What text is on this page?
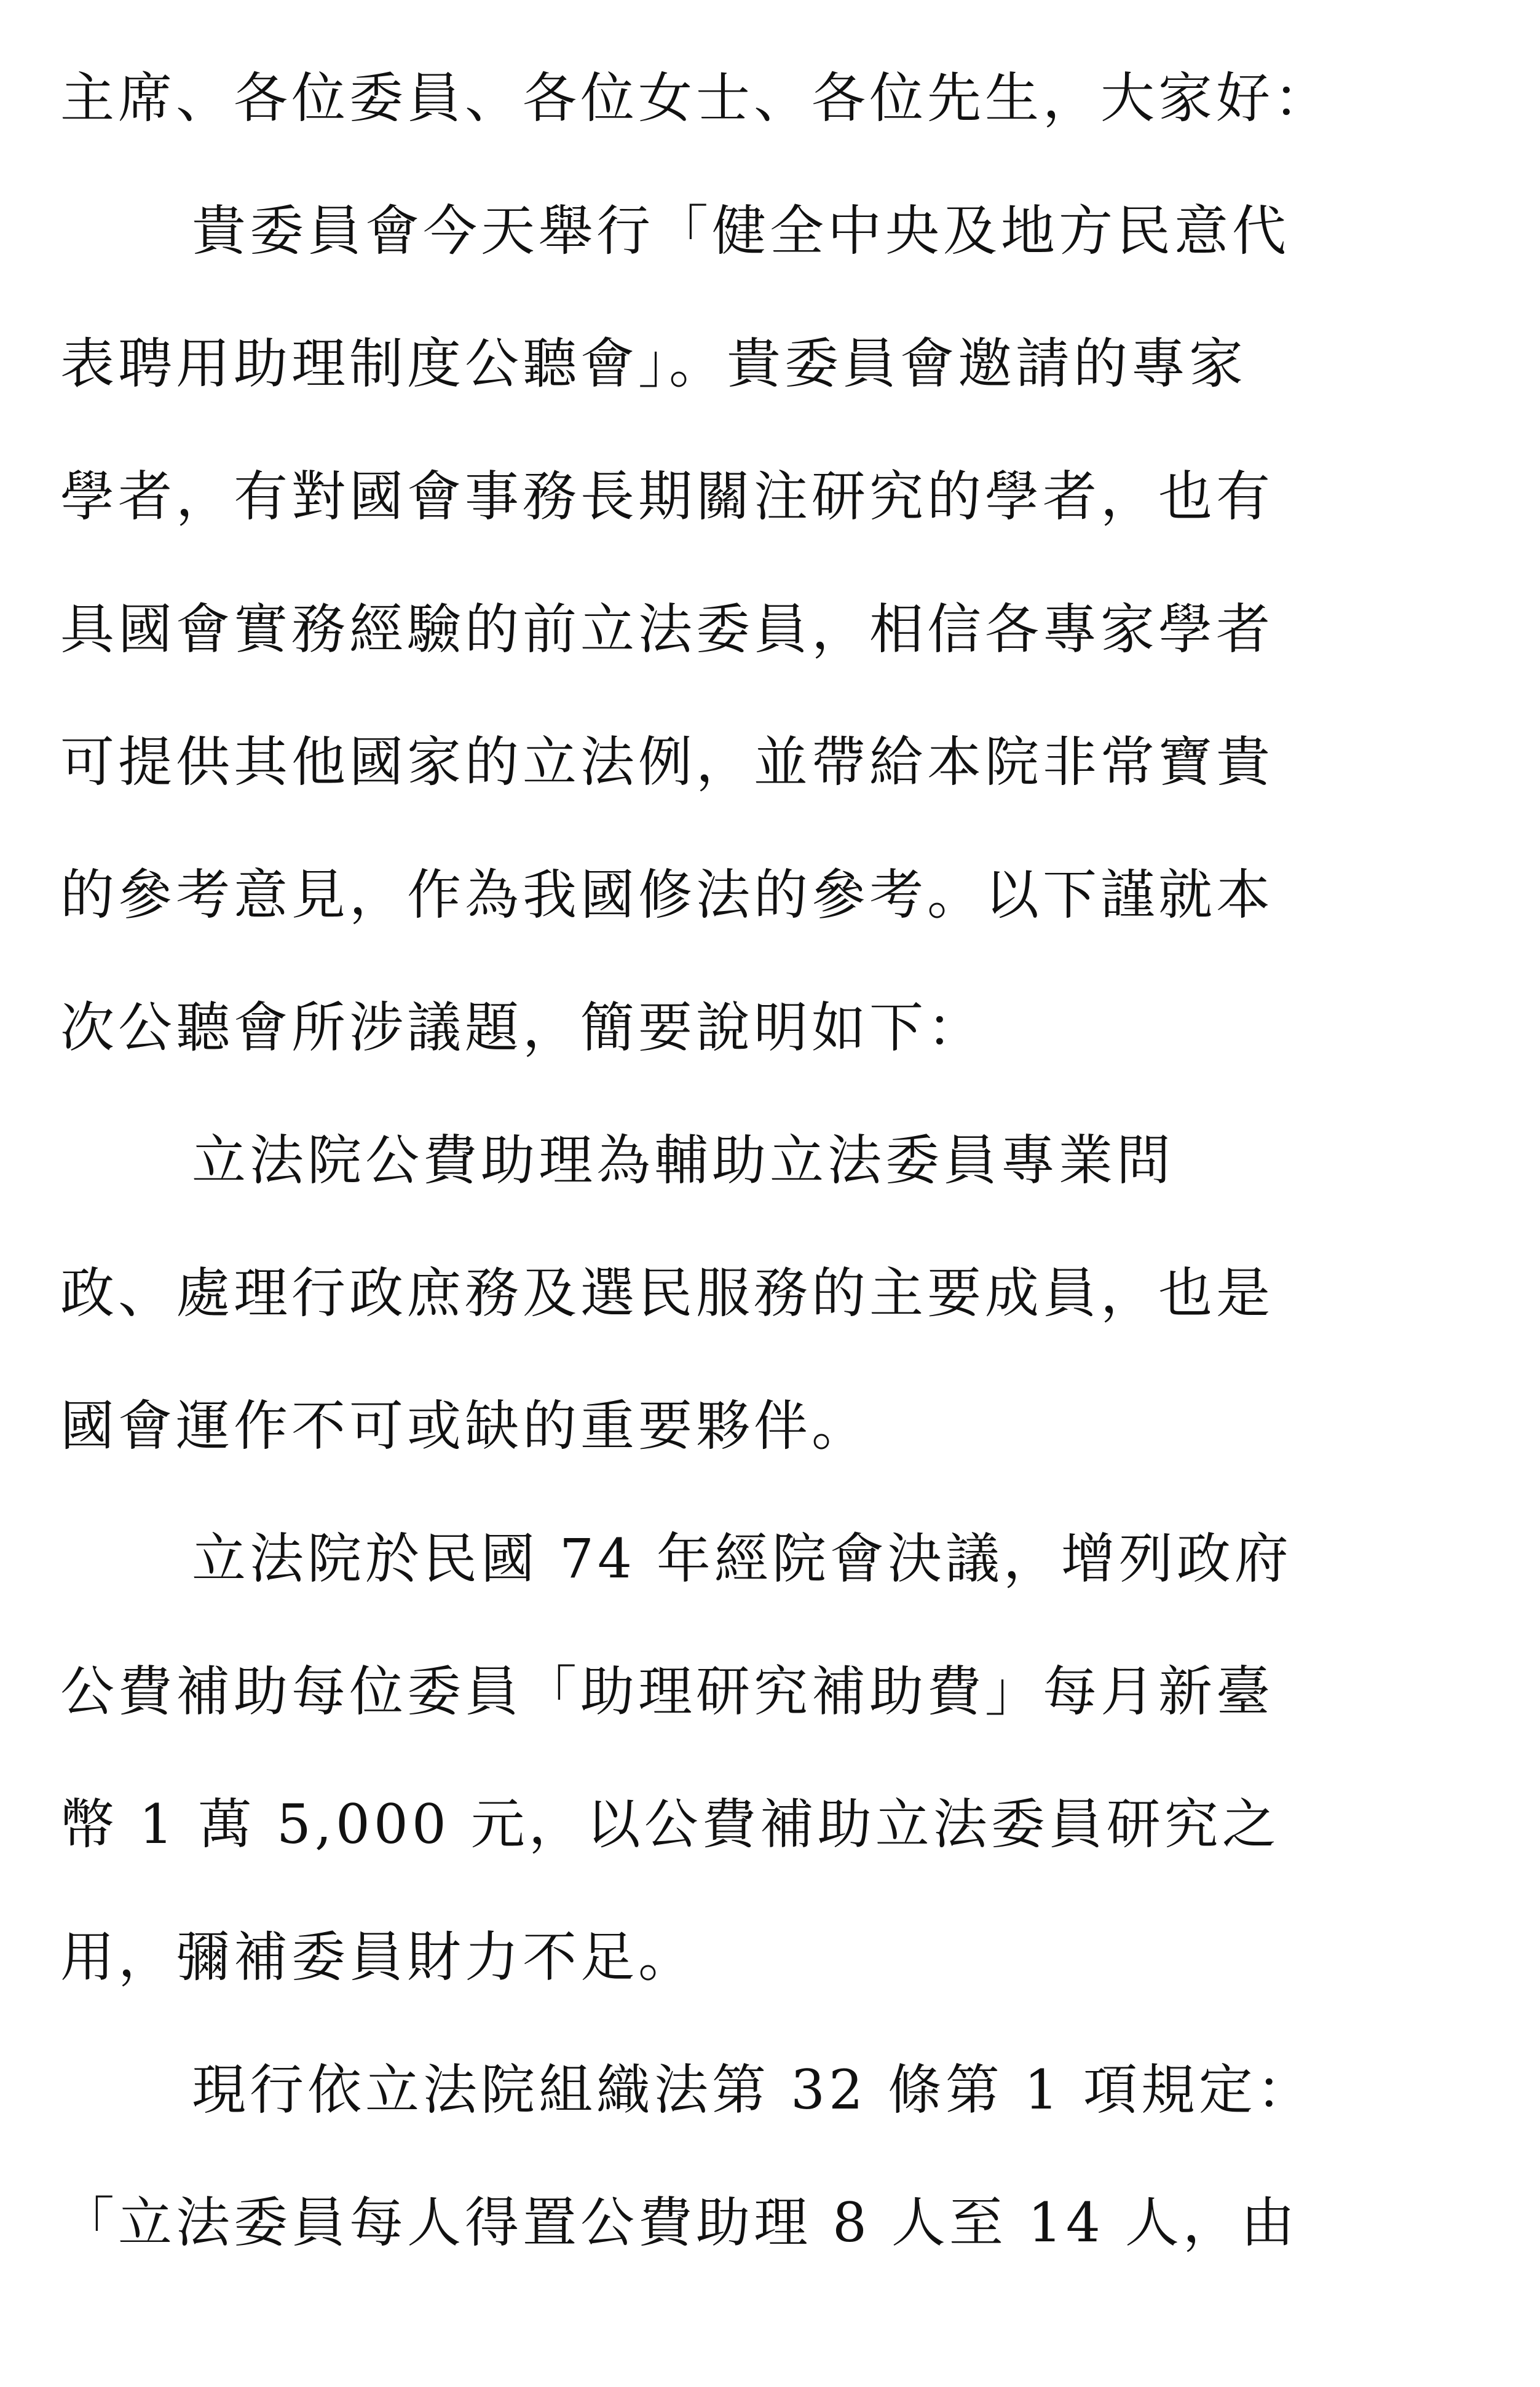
主席、各位委員、各位女士、各位先生，大家好：
貴委員會今天舉行「健全中央及地方民意代
表聘用助理制度公聽會」。貴委員會邀請的專家
學者，有對國會事務長期關注研究的學者，也有
具國會實務經驗的前立法委員，相信各專家學者
可提供其他國家的立法例，並帶給本院非常寶貴
的參考意見，作為我國修法的參考。以下謹就本
次公聽會所涉議題，簡要說明如下：
立法院公費助理為輔助立法委員專業問
政、處理行政庶務及選民服務的主要成員，也是
國會運作不可或缺的重要夥伴。
立法院於民國 74 年經院會決議，增列政府
公費補助每位委員「助理研究補助費」每月新臺
幣 1 萬 5,000 元，以公費補助立法委員研究之
用，彌補委員財力不足。
現行依立法院組織法第 32 條第 1 項規定：
「立法委員每人得置公費助理 8 人至 14 人，由
